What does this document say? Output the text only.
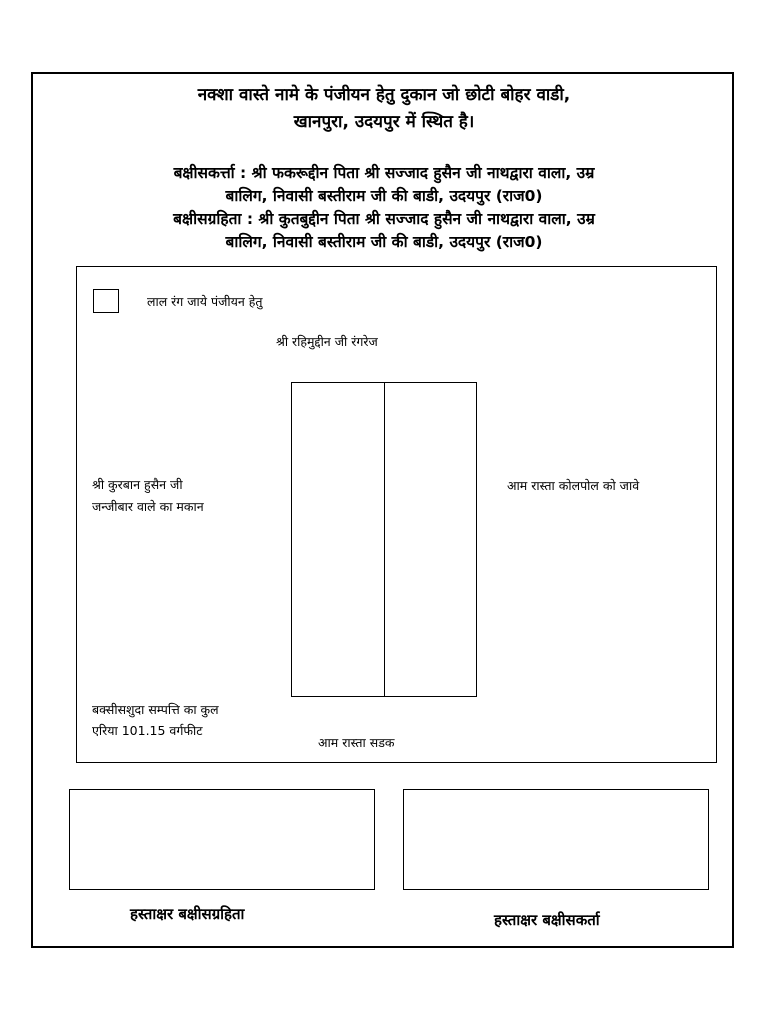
नक्शा वास्ते नामे के पंजीयन हेतु दुकान जो छोटी बोहर वाडी,
खानपुरा, उदयपुर में स्थित है।
बक्षीसकर्त्ता : श्री फकरूद्दीन पिता श्री सज्जाद हुसैन जी नाथद्वारा वाला, उम्र
बालिग, निवासी बस्तीराम जी की बाडी, उदयपुर (राज0)
बक्षीसग्रहिता : श्री कुतबुद्दीन पिता श्री सज्जाद हुसैन जी नाथद्वारा वाला, उम्र
बालिग, निवासी बस्तीराम जी की बाडी, उदयपुर (राज0)
लाल रंग जाये पंजीयन हेतु
श्री रहिमुद्दीन जी रंगरेज
श्री कुरबान हुसैन जी
जन्जीबार वाले का मकान
आम रास्ता कोलपोल को जावे
बक्सीसशुदा सम्पत्ति का कुल
एरिया 101.15 वर्गफीट
आम रास्ता सडक
हस्ताक्षर बक्षीसग्रहिता	हस्ताक्षर बक्षीसकर्ता
